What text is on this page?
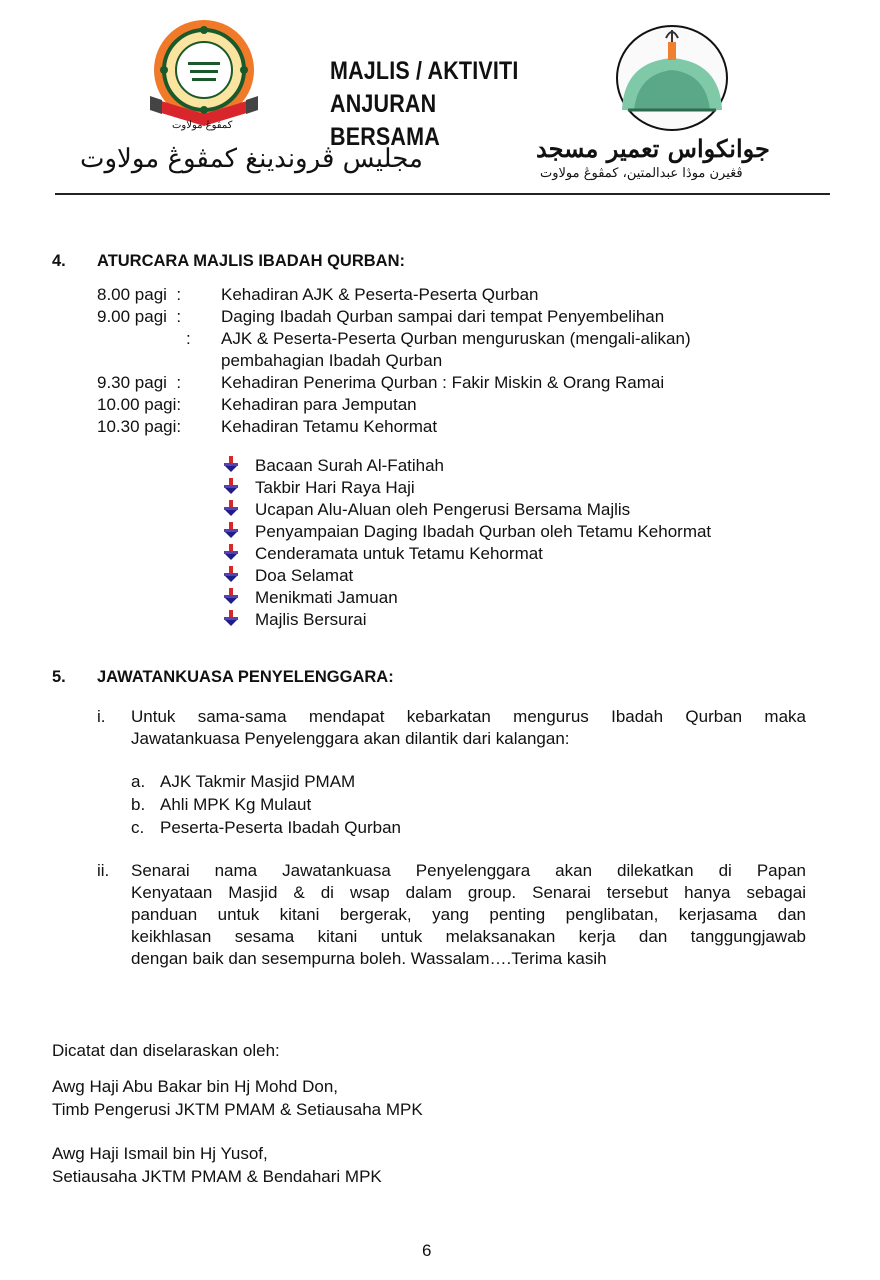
كمڤوڠ مولاوت
MAJLIS / AKTIVITI
ANJURAN BERSAMA
مجليس ڤروندينغ كمڤوڠ مولاوت	جوانكواس تعمير مسجد
ڤڠيرن موڎا عبدالمتين، كمڤوڠ مولاوت
4. ATURCARA MAJLIS IBADAH QURBAN:
8.00 pagi  : Kehadiran AJK & Peserta-Peserta Qurban
9.00 pagi  : Daging Ibadah Qurban sampai dari tempat Penyembelihan
: AJK & Peserta-Peserta Qurban menguruskan (mengali-alikan)
pembahagian Ibadah Qurban
9.30 pagi  : Kehadiran Penerima Qurban : Fakir Miskin & Orang Ramai
10.00 pagi: Kehadiran para Jemputan
10.30 pagi: Kehadiran Tetamu Kehormat
Bacaan Surah Al-Fatihah
Takbir Hari Raya Haji
Ucapan Alu-Aluan oleh Pengerusi Bersama Majlis
Penyampaian Daging Ibadah Qurban oleh Tetamu Kehormat
Cenderamata untuk Tetamu Kehormat
Doa Selamat
Menikmati Jamuan
Majlis Bersurai
5. JAWATANKUASA PENYELENGGARA:
i. Untuk sama-sama mendapat kebarkatan mengurus Ibadah Qurban maka
Jawatankuasa Penyelenggara akan dilantik dari kalangan:
a. AJK Takmir Masjid PMAM
b. Ahli MPK Kg Mulaut
c. Peserta-Peserta Ibadah Qurban
ii. Senarai nama Jawatankuasa Penyelenggara akan dilekatkan di Papan
Kenyataan Masjid & di wsap dalam group. Senarai tersebut hanya sebagai
panduan untuk kitani bergerak, yang penting penglibatan, kerjasama dan
keikhlasan sesama kitani untuk melaksanakan kerja dan tanggungjawab
dengan baik dan sesempurna boleh. Wassalam….Terima kasih
Dicatat dan diselaraskan oleh:
Awg Haji Abu Bakar bin Hj Mohd Don,
Timb Pengerusi JKTM PMAM & Setiausaha MPK
Awg Haji Ismail bin Hj Yusof,
Setiausaha JKTM PMAM & Bendahari MPK
6
